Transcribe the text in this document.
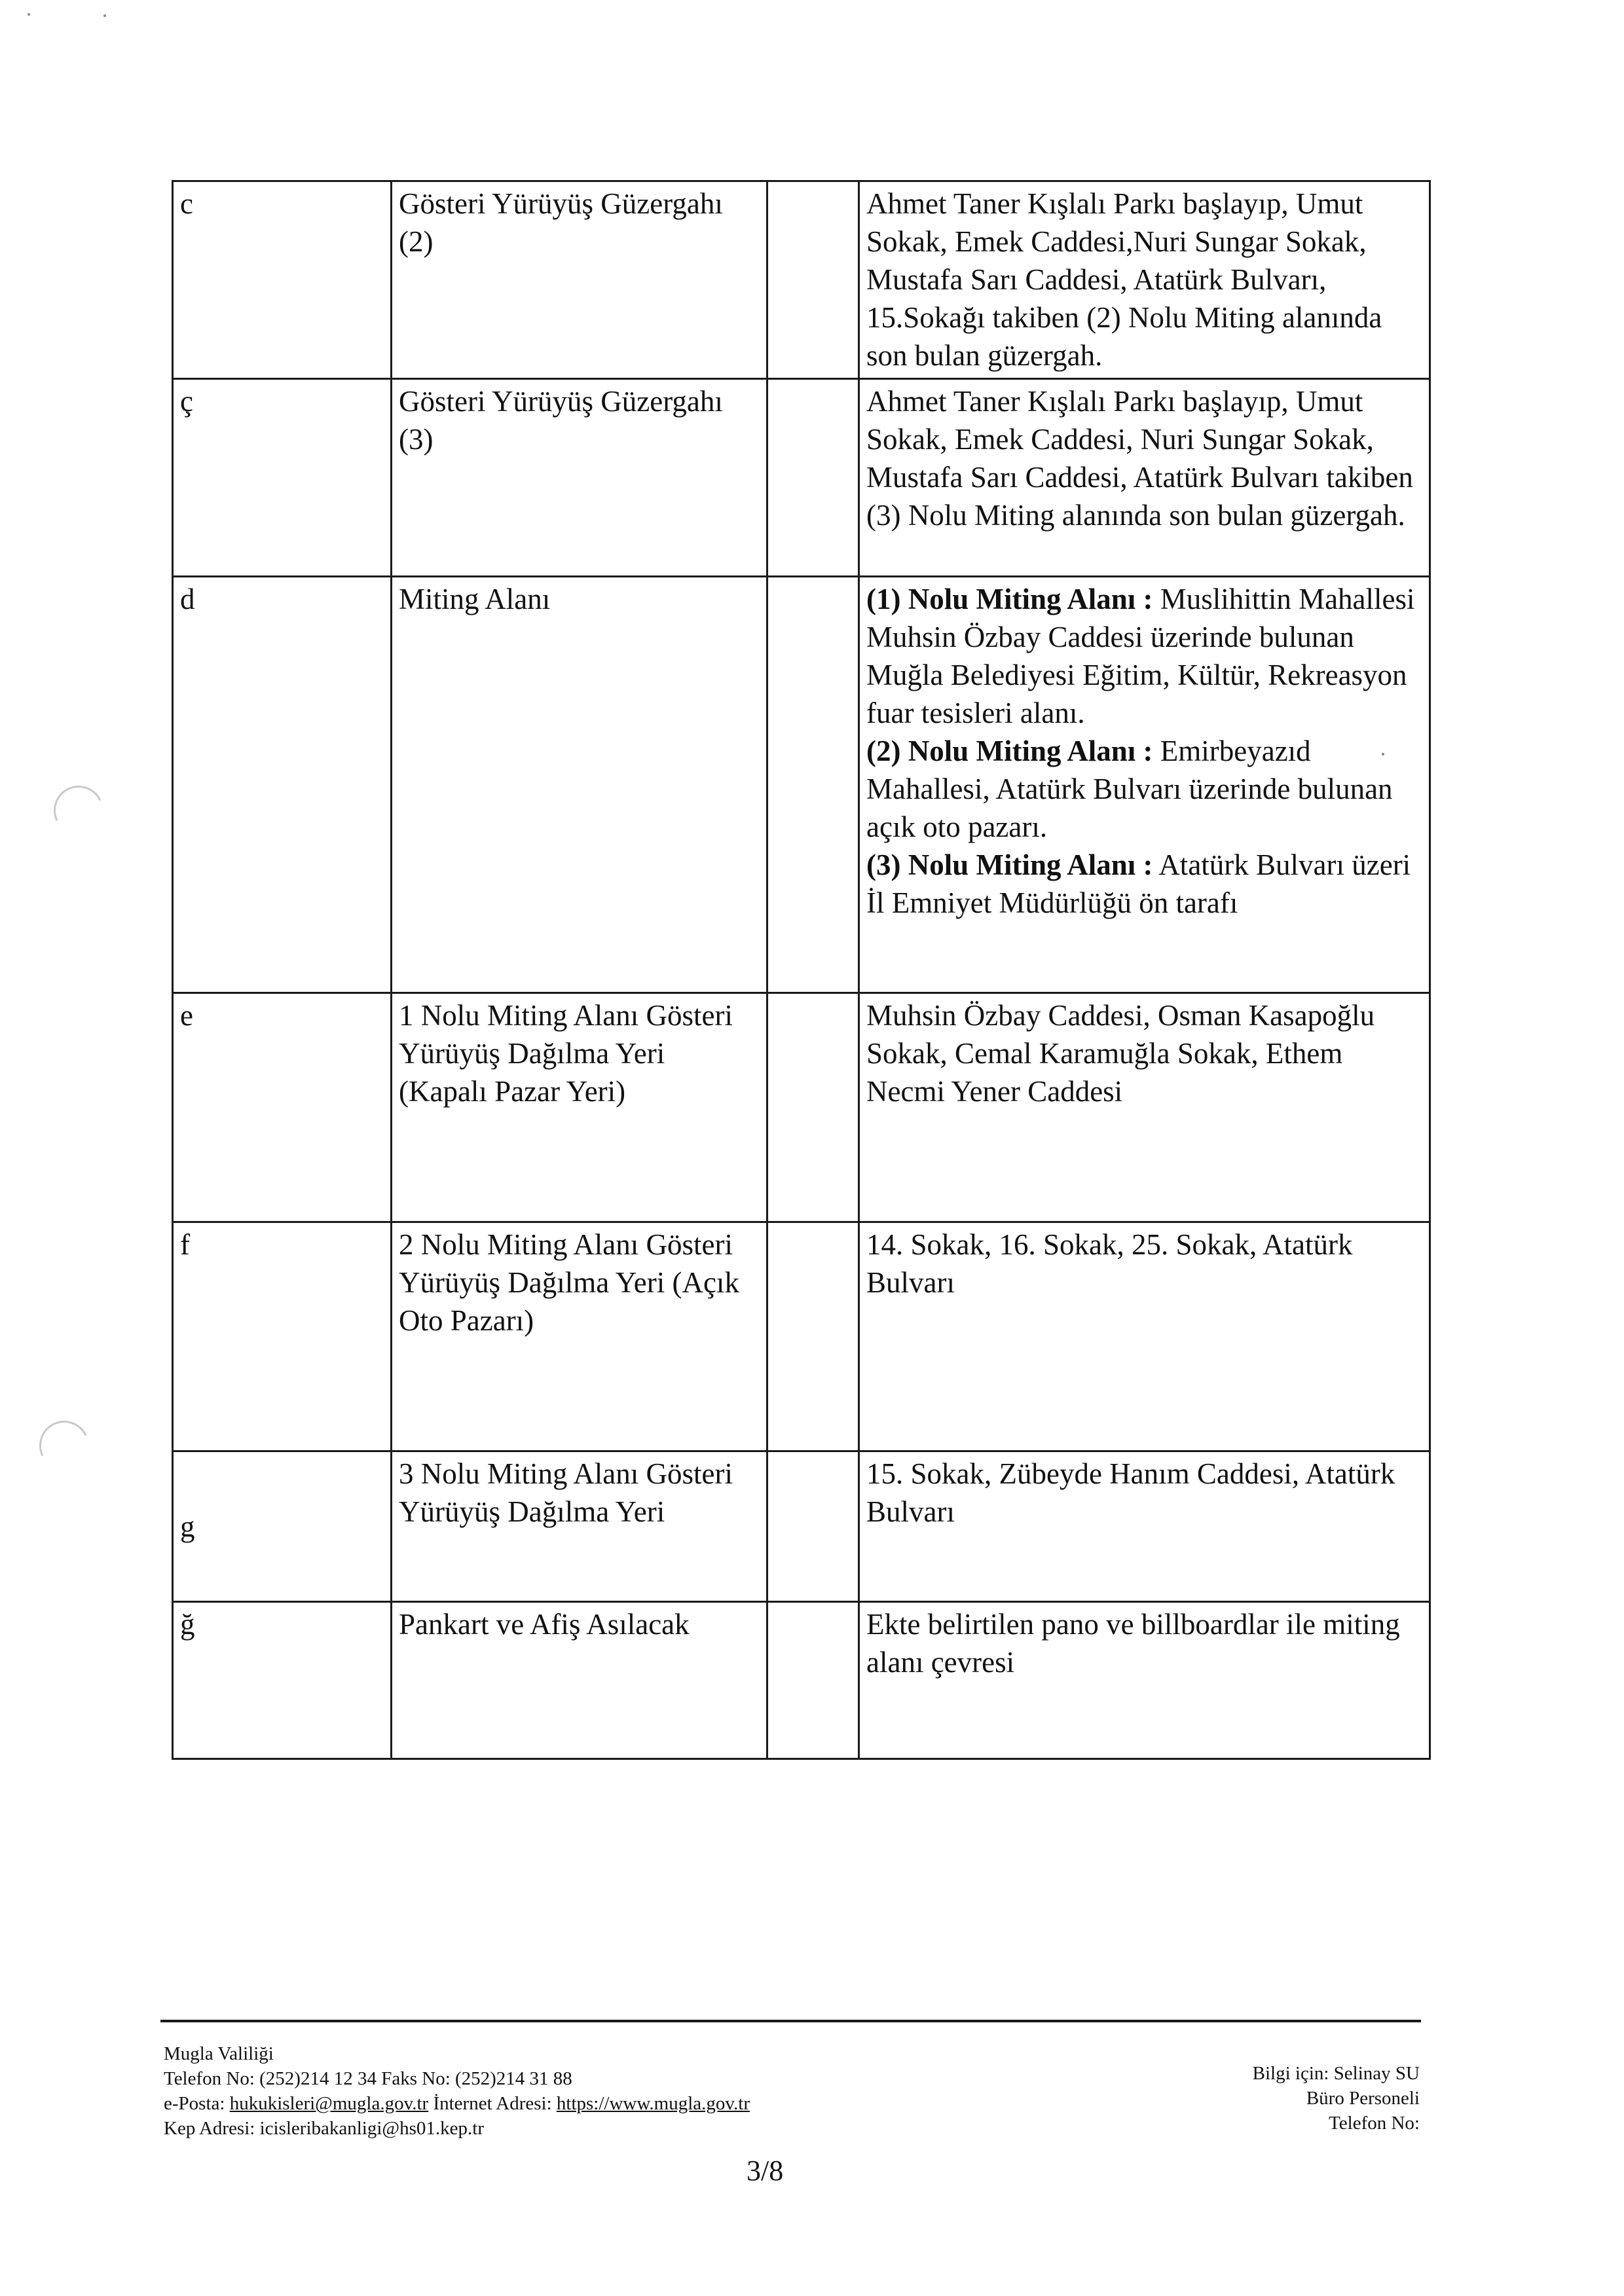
c	Gösteri Yürüyüş Güzergahı (2)		Ahmet Taner Kışlalı Parkı başlayıp, Umut Sokak, Emek Caddesi,Nuri Sungar Sokak, Mustafa Sarı Caddesi, Atatürk Bulvarı, 15.Sokağı takiben (2) Nolu Miting alanında son bulan güzergah.
ç	Gösteri Yürüyüş Güzergahı (3)		Ahmet Taner Kışlalı Parkı başlayıp, Umut Sokak, Emek Caddesi, Nuri Sungar Sokak, Mustafa Sarı Caddesi, Atatürk Bulvarı takiben (3) Nolu Miting alanında son bulan güzergah.
d	Miting Alanı		(1) Nolu Miting Alanı : Muslihittin Mahallesi Muhsin Özbay Caddesi üzerinde bulunan Muğla Belediyesi Eğitim, Kültür, Rekreasyon fuar tesisleri alanı.
(2) Nolu Miting Alanı : Emirbeyazıd Mahallesi, Atatürk Bulvarı üzerinde bulunan açık oto pazarı.
(3) Nolu Miting Alanı : Atatürk Bulvarı üzeri İl Emniyet Müdürlüğü ön tarafı

e	1 Nolu Miting Alanı Gösteri Yürüyüş Dağılma Yeri (Kapalı Pazar Yeri)		Muhsin Özbay Caddesi, Osman Kasapoğlu Sokak, Cemal Karamuğla Sokak, Ethem Necmi Yener Caddesi
f	2 Nolu Miting Alanı Gösteri Yürüyüş Dağılma Yeri (Açık Oto Pazarı)		14. Sokak, 16. Sokak, 25. Sokak, Atatürk Bulvarı
g	3 Nolu Miting Alanı Gösteri Yürüyüş Dağılma Yeri		15. Sokak, Zübeyde Hanım Caddesi, Atatürk Bulvarı
ğ	Pankart ve Afiş Asılacak		Ekte belirtilen pano ve billboardlar ile miting alanı çevresi
Mugla Valiliği
Telefon No: (252)214 12 34 Faks No: (252)214 31 88
e-Posta: hukukisleri@mugla.gov.tr İnternet Adresi: https://www.mugla.gov.tr
Kep Adresi: icisleribakanligi@hs01.kep.tr
Bilgi için: Selinay SU
Büro Personeli
Telefon No:
3/8
